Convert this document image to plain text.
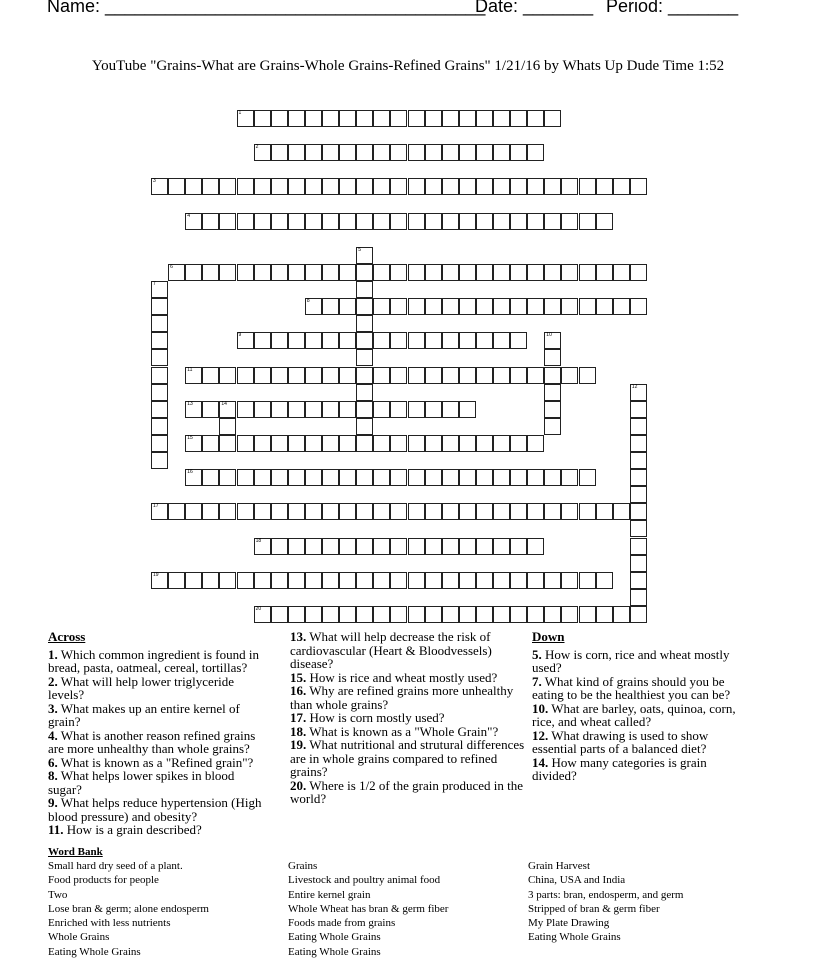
Name: ______________________________________
Date: _______ Period: _______
YouTube "Grains-What are Grains-Whole Grains-Refined Grains" 1/21/16 by Whats Up Dude Time 1:52
1
2
3
4
5
6
7
8
9	10
11
12
13	14
15
16
17
18
19
20
Across

1. Which common ingredient is found in bread, pasta, oatmeal, cereal, tortillas?

2. What will help lower triglyceride levels?

3. What makes up an entire kernel of grain?

4. What is another reason refined grains are more unhealthy than whole grains?

6. What is known as a "Refined grain"?

8. What helps lower spikes in blood sugar?

9. What helps reduce hypertension (High blood pressure) and obesity?

11. How is a grain described?

13. What will help decrease the risk of cardiovascular (Heart & Bloodvessels) disease?

15. How is rice and wheat mostly used?

16. Why are refined grains more unhealthy than whole grains?

17. How is corn mostly used?

18. What is known as a "Whole Grain"?

19. What nutritional and strutural differences are in whole grains compared to refined grains?

20. Where is 1/2 of the grain produced in the world?

Down

5. How is corn, rice and wheat mostly used?

7. What kind of grains should you be eating to be the healthiest you can be?

10. What are barley, oats, quinoa, corn, rice, and wheat called?

12. What drawing is used to show essential parts of a balanced diet?

14. How many categories is grain divided?

Word Bank
Small hard dry seed of a plant.
Food products for people
Two
Lose bran & germ; alone endosperm
Enriched with less nutrients
Whole Grains
Eating Whole Grains
Grains
Livestock and poultry animal food
Entire kernel grain
Whole Wheat has bran & germ fiber
Foods made from grains
Eating Whole Grains
Eating Whole Grains
Grain Harvest
China, USA and India
3 parts: bran, endosperm, and germ
Stripped of bran & germ fiber
My Plate Drawing
Eating Whole Grains
